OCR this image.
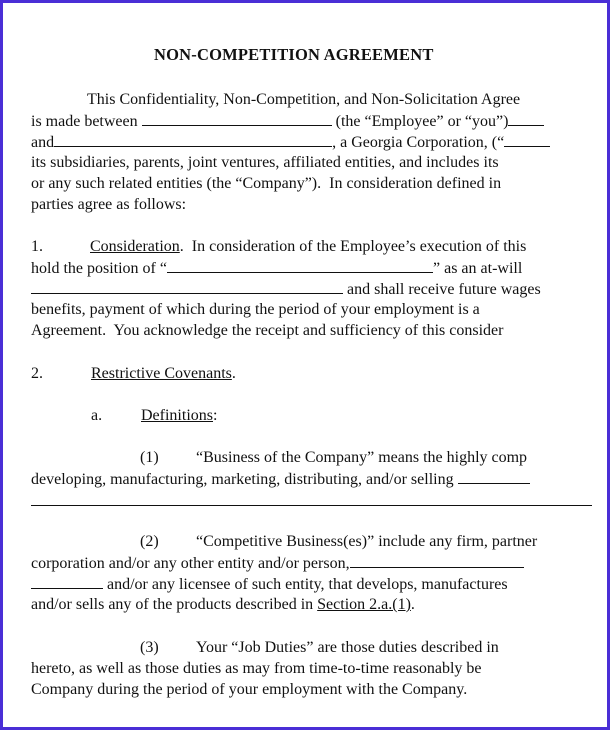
NON-COMPETITION AGREEMENT
This Confidentiality, Non-Competition, and Non-Solicitation Agree
is made between	(the “Employee” or “you”)
and	, a Georgia Corporation, (“
its subsidiaries, parents, joint ventures, affiliated entities, and includes its
or any such related entities (the “Company”).  In consideration defined in
parties agree as follows:
1.	Consideration.  In consideration of the Employee’s execution of this
hold the position of “	” as an at-will
and shall receive future wages
benefits, payment of which during the period of your employment is a
Agreement.  You acknowledge the receipt and sufficiency of this consider
2.	Restrictive Covenants.
a. Definitions:
(1) “Business of the Company” means the highly comp
developing, manufacturing, marketing, distributing, and/or selling
(2) “Competitive Business(es)” include any firm, partner
corporation and/or any other entity and/or person,
and/or any licensee of such entity, that develops, manufactures
and/or sells any of the products described in Section 2.a.(1).
(3) Your “Job Duties” are those duties described in
hereto, as well as those duties as may from time-to-time reasonably be
Company during the period of your employment with the Company.
